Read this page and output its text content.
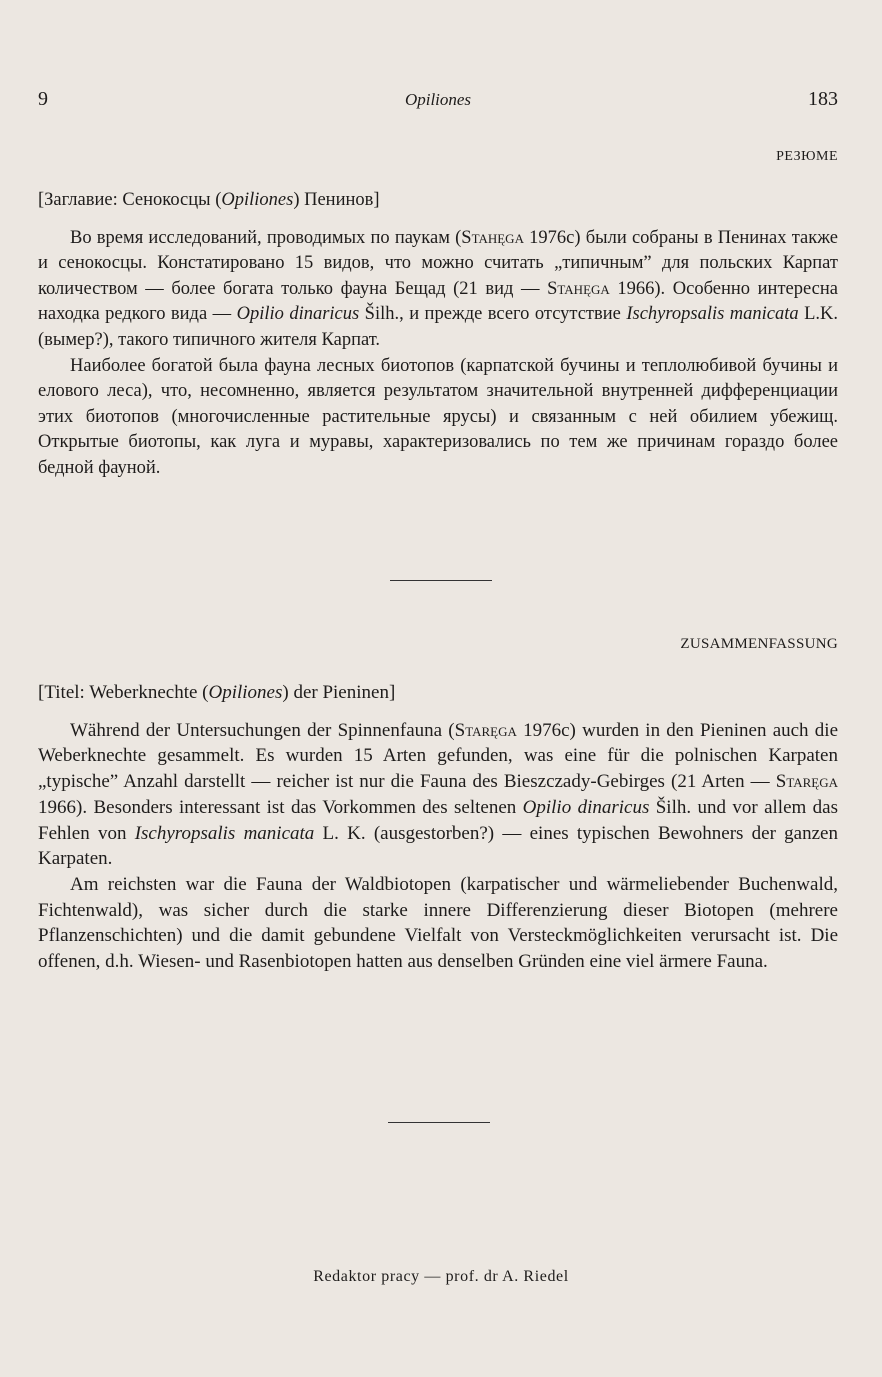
9	Opiliones	183
РЕЗЮМЕ

[Заглавие: Сенокосцы (Opiliones) Пенинов]

Во время исследований, проводимых по паукам (Stahęga 1976c) были собраны в Пенинах также и сенокосцы. Констатировано 15 видов, что можно считать „типичным” для польских Карпат количеством — более богата только фауна Бещад (21 вид — Stahęga 1966). Особенно интересна находка редкого вида — Opilio dinaricus Šilh., и прежде всего отсутствие Ischyropsalis manicata L.K. (вымер?), такого типичного жителя Карпат.

Наиболее богатой была фауна лесных биотопов (карпатской бучины и теплолюбивой бучины и елового леса), что, несомненно, является результатом значительной внутренней дифференциации этих биотопов (многочисленные растительные ярусы) и связанным с ней обилием убежищ. Открытые биотопы, как луга и муравы, характеризовались по тем же причинам гораздо более бедной фауной.

ZUSAMMENFASSUNG

[Titel: Weberknechte (Opiliones) der Pieninen]

Während der Untersuchungen der Spinnenfauna (Staręga 1976c) wurden in den Pieninen auch die Weberknechte gesammelt. Es wurden 15 Arten gefunden, was eine für die polnischen Karpaten „typische” Anzahl darstellt — reicher ist nur die Fauna des Bieszczady-Gebirges (21 Arten — Staręga 1966). Besonders interessant ist das Vorkommen des seltenen Opilio dinaricus Šilh. und vor allem das Fehlen von Ischyropsalis manicata L. K. (ausgestorben?) — eines typischen Bewohners der ganzen Karpaten.

Am reichsten war die Fauna der Waldbiotopen (karpatischer und wärmeliebender Buchenwald, Fichtenwald), was sicher durch die starke innere Differenzierung dieser Biotopen (mehrere Pflanzenschichten) und die damit gebundene Vielfalt von Versteckmöglichkeiten verursacht ist. Die offenen, d.h. Wiesen- und Rasenbiotopen hatten aus denselben Gründen eine viel ärmere Fauna.

Redaktor pracy — prof. dr A. Riedel
